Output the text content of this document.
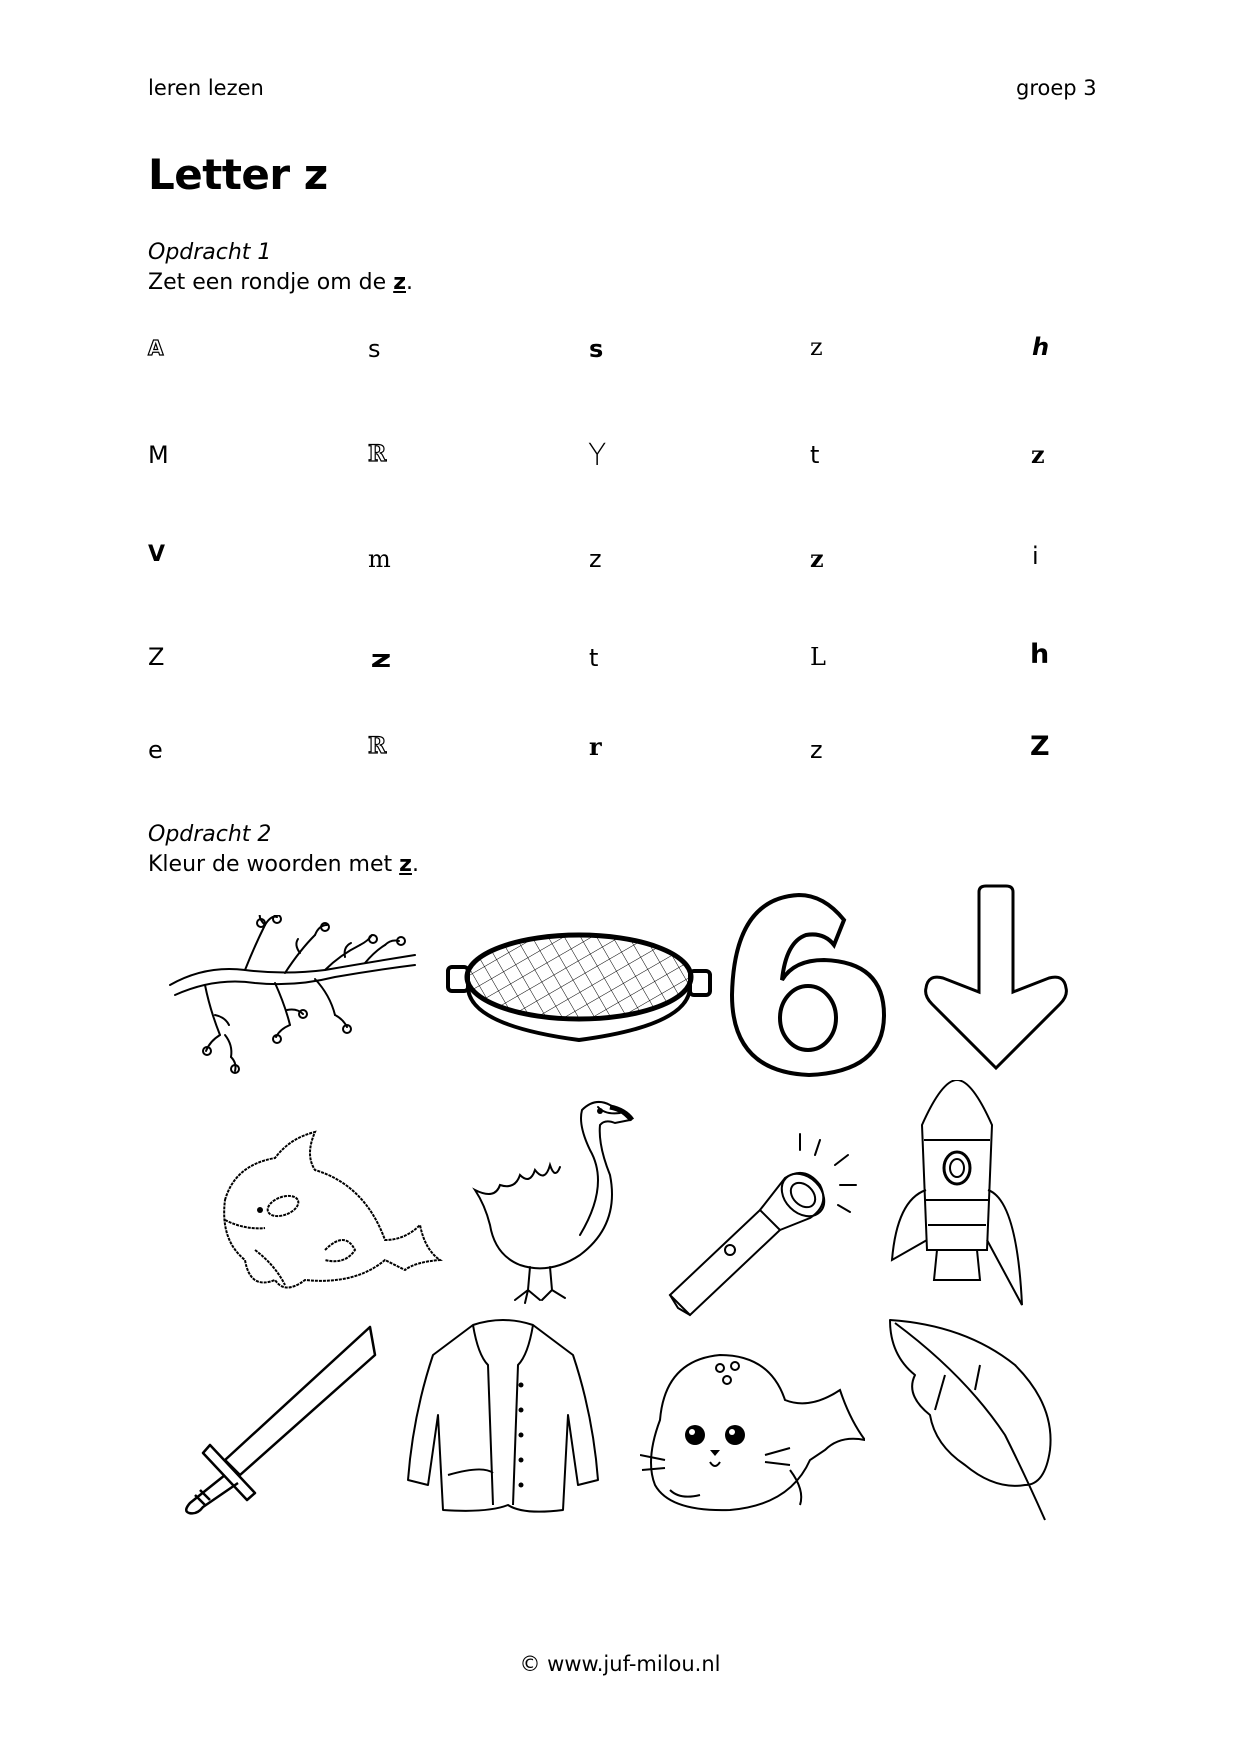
leren lezen	groep 3
Letter z
Opdracht 1
Zet een rondje om de z.
A	s	s	z	h
M	R	Y	t	z
V	m	z	z	i
Z	z	t	L	h
e	R	r	z	Z
Opdracht 2
Kleur de woorden met z.
© www.juf-milou.nl
